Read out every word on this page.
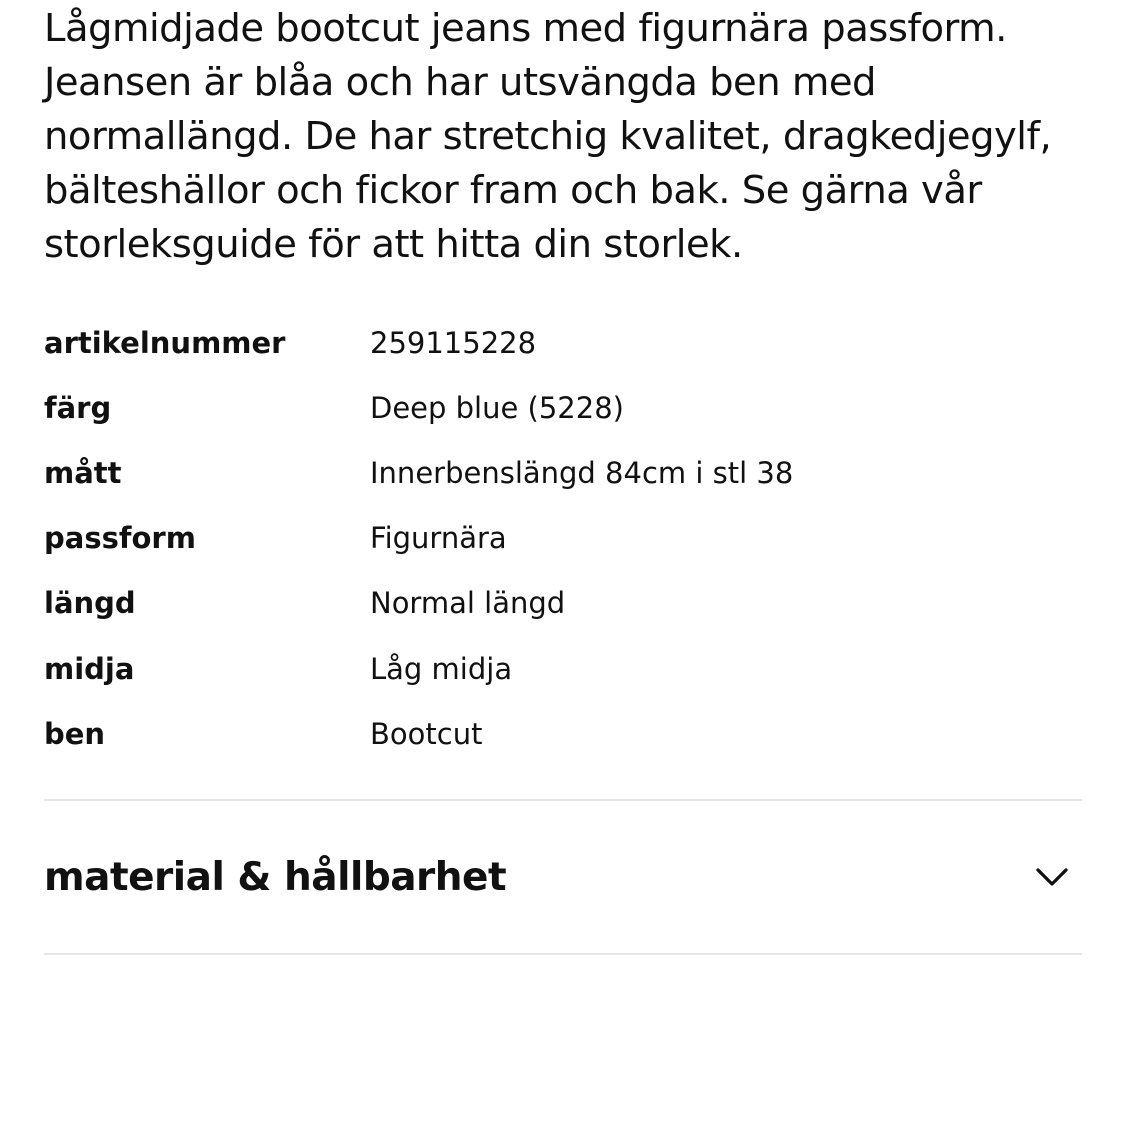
Lågmidjade bootcut jeans med figurnära passform. Jeansen är blåa och har utsvängda ben med normallängd. De har stretchig kvalitet, dragkedjegylf, bälteshällor och fickor fram och bak. Se gärna vår storleksguide för att hitta din storlek.

artikelnummer	259115228
färg	Deep blue (5228)
mått	Innerbenslängd 84cm i stl 38
passform	Figurnära
längd	Normal längd
midja	Låg midja
ben	Bootcut
material & hållbarhet
